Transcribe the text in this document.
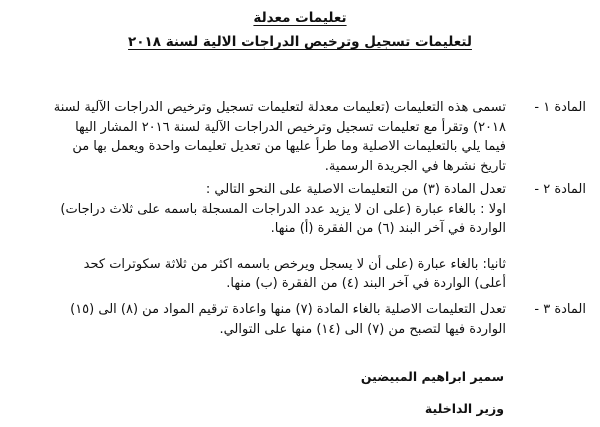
تعليمات معدلة

لتعليمات تسجيل وترخيص الدراجات الالية لسنة ٢٠١٨

المادة ١ -

تسمى هذه التعليمات (تعليمات معدلة لتعليمات تسجيل وترخيص الدراجات الآلية لسنة
٢٠١٨) وتقرأ مع تعليمات تسجيل وترخيص الدراجات الآلية لسنة ٢٠١٦ المشار اليها
فيما يلي بالتعليمات الاصلية وما طرأ عليها من تعديل تعليمات واحدة ويعمل بها من
تاريخ نشرها في الجريدة الرسمية.

المادة ٢ -

تعدل المادة (٣) من التعليمات الاصلية على النحو التالي :
اولا : بالغاء عبارة (على ان لا يزيد عدد الدراجات المسجلة باسمه على ثلاث دراجات)
الواردة في آخر البند (٦) من الفقرة (أ) منها.

ثانيا: بالغاء عبارة (على أن لا يسجل ويرخص باسمه اكثر من ثلاثة سكوترات كحد
أعلى) الواردة في آخر البند (٤) من الفقرة (ب) منها.

المادة ٣ -

تعدل التعليمات الاصلية بالغاء المادة (٧) منها واعادة ترقيم المواد من (٨) الى (١٥)
الواردة فيها لتصبح من (٧) الى (١٤) منها على التوالي.

سمير ابراهيم المبيضين

وزير الداخلية
